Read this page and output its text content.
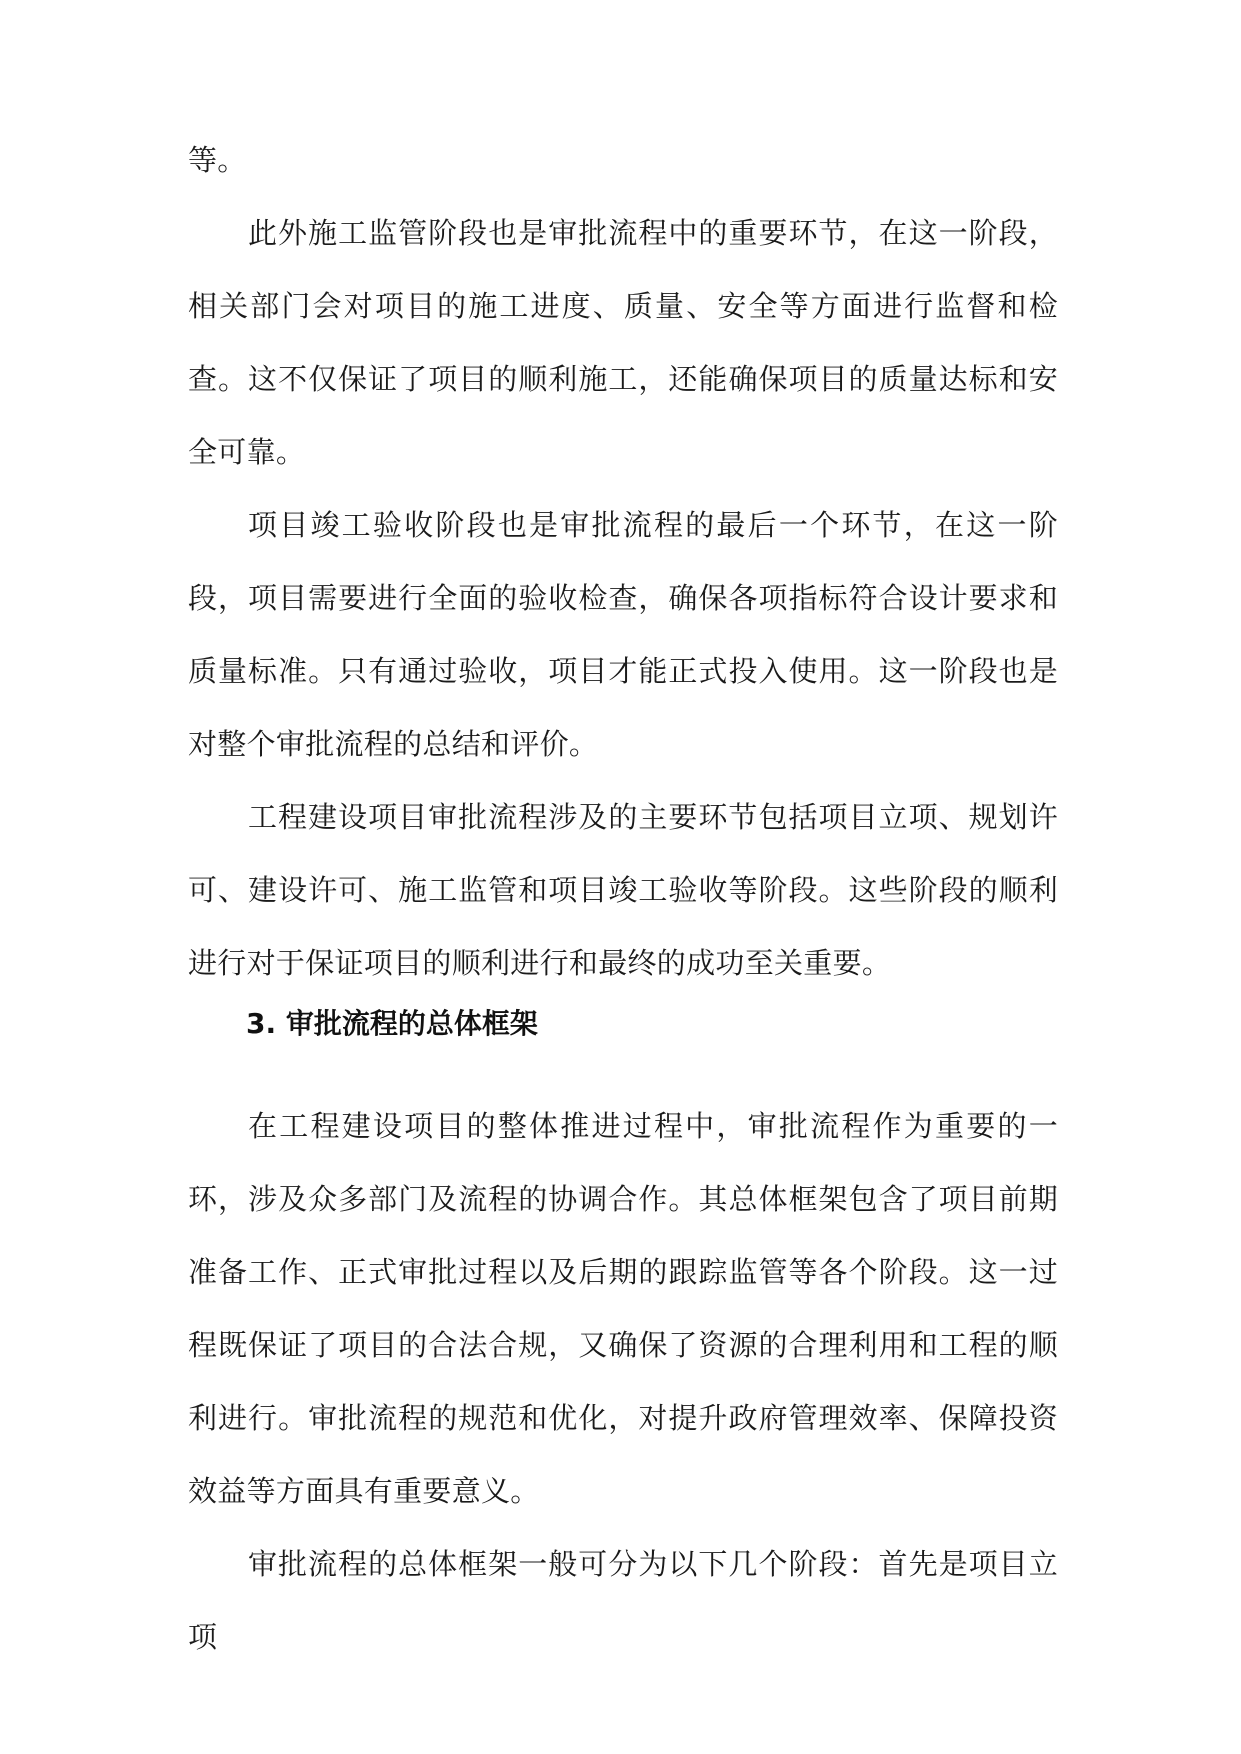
等。

此外施工监管阶段也是审批流程中的重要环节，在这一阶段，相关部门会对项目的施工进度、质量、安全等方面进行监督和检查。这不仅保证了项目的顺利施工，还能确保项目的质量达标和安全可靠。

项目竣工验收阶段也是审批流程的最后一个环节，在这一阶段，项目需要进行全面的验收检查，确保各项指标符合设计要求和质量标准。只有通过验收，项目才能正式投入使用。这一阶段也是对整个审批流程的总结和评价。

工程建设项目审批流程涉及的主要环节包括项目立项、规划许可、建设许可、施工监管和项目竣工验收等阶段。这些阶段的顺利进行对于保证项目的顺利进行和最终的成功至关重要。

3. 审批流程的总体框架

在工程建设项目的整体推进过程中，审批流程作为重要的一环，涉及众多部门及流程的协调合作。其总体框架包含了项目前期准备工作、正式审批过程以及后期的跟踪监管等各个阶段。这一过程既保证了项目的合法合规，又确保了资源的合理利用和工程的顺利进行。审批流程的规范和优化，对提升政府管理效率、保障投资效益等方面具有重要意义。

审批流程的总体框架一般可分为以下几个阶段：首先是项目立项
